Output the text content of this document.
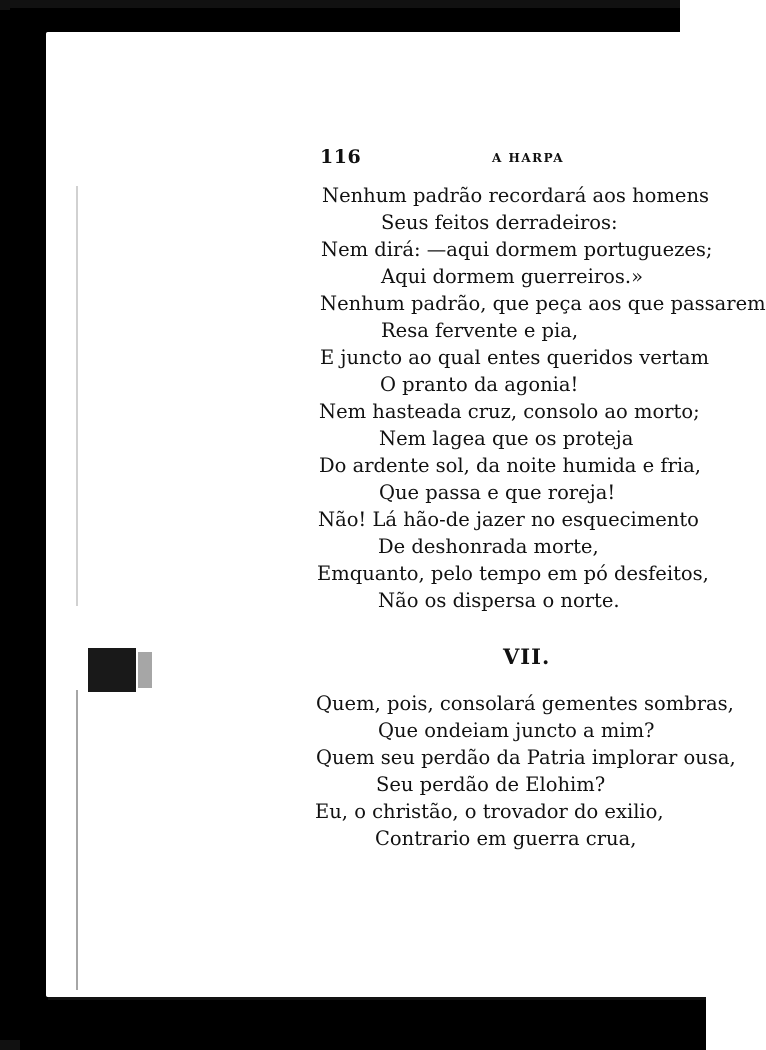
116	A HARPA
Nenhum padrão recordará aos homens
Seus feitos derradeiros:
Nem dirá: —aqui dormem portuguezes;
Aqui dormem guerreiros.»
Nenhum padrão, que peça aos que passarem
Resa fervente e pia,
E juncto ao qual entes queridos vertam
O pranto da agonia!
Nem hasteada cruz, consolo ao morto;
Nem lagea que os proteja
Do ardente sol, da noite humida e fria,
Que passa e que roreja!
Não! Lá hão-de jazer no esquecimento
De deshonrada morte,
Emquanto, pelo tempo em pó desfeitos,
Não os dispersa o norte.
VII.
Quem, pois, consolará gementes sombras,
Que ondeiam juncto a mim?
Quem seu perdão da Patria implorar ousa,
Seu perdão de Elohim?
Eu, o christão, o trovador do exilio,
Contrario em guerra crua,
